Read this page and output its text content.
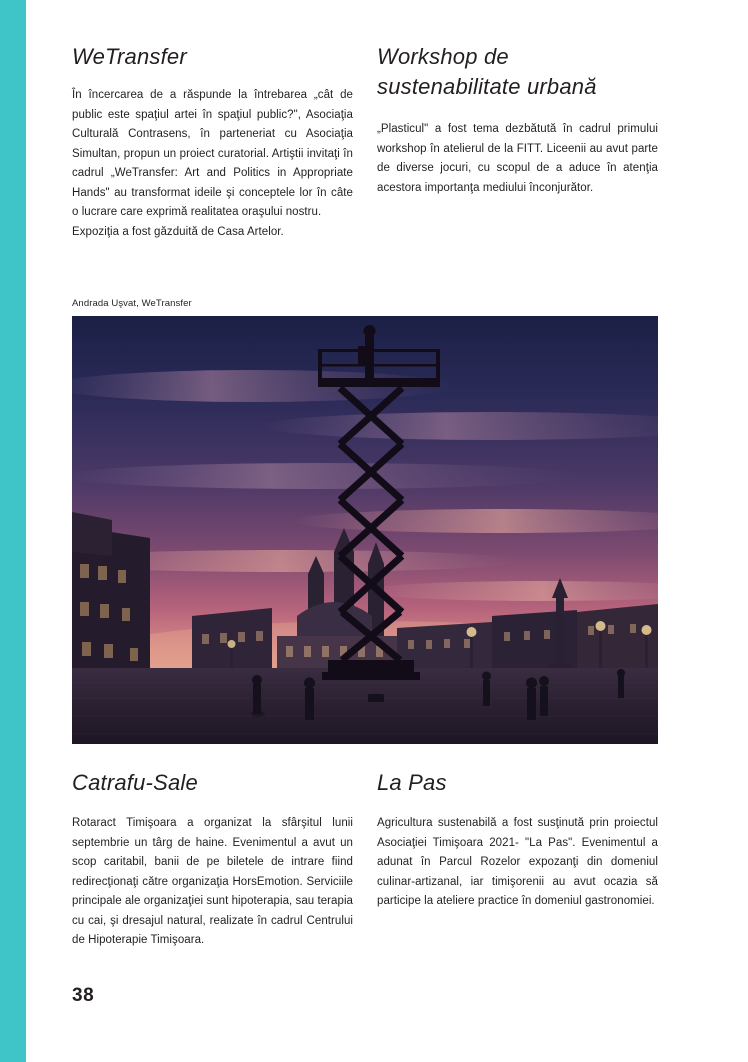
WeTransfer

În încercarea de a răspunde la întrebarea „cât de public este spaţiul artei în spaţiul public?", Asociaţia Culturală Contrasens, în parteneriat cu Asociaţia Simultan, propun un proiect curatorial. Artiştii invitaţi în cadrul „WeTransfer: Art and Politics in Appropriate Hands" au transformat ideile şi conceptele lor în câte o lucrare care exprimă realitatea oraşului nostru.

Expoziţia a fost găzduită de Casa Artelor.

Workshop de sustenabilitate urbană

„Plasticul" a fost tema dezbătută în cadrul primului workshop în atelierul de la FITT. Liceenii au avut parte de diverse jocuri, cu scopul de a aduce în atenţia acestora importanţa mediului înconjurător.

Andrada Uşvat, WeTransfer
Catrafu-Sale

Rotaract Timişoara a organizat la sfârşitul lunii septembrie un târg de haine. Evenimentul a avut un scop caritabil, banii de pe biletele de intrare fiind redirecţionaţi către organizaţia HorsEmotion. Serviciile principale ale organizaţiei sunt hipoterapia, sau terapia cu cai, şi dresajul natural, realizate în cadrul Centrului de Hipoterapie Timişoara.

La Pas

Agricultura sustenabilă a fost susţinută prin proiectul Asociaţiei Timişoara 2021- "La Pas". Evenimentul a adunat în Parcul Rozelor expozanţi din domeniul culinar-artizanal, iar timişorenii au avut ocazia să participe la ateliere practice în domeniul gastronomiei.

38
